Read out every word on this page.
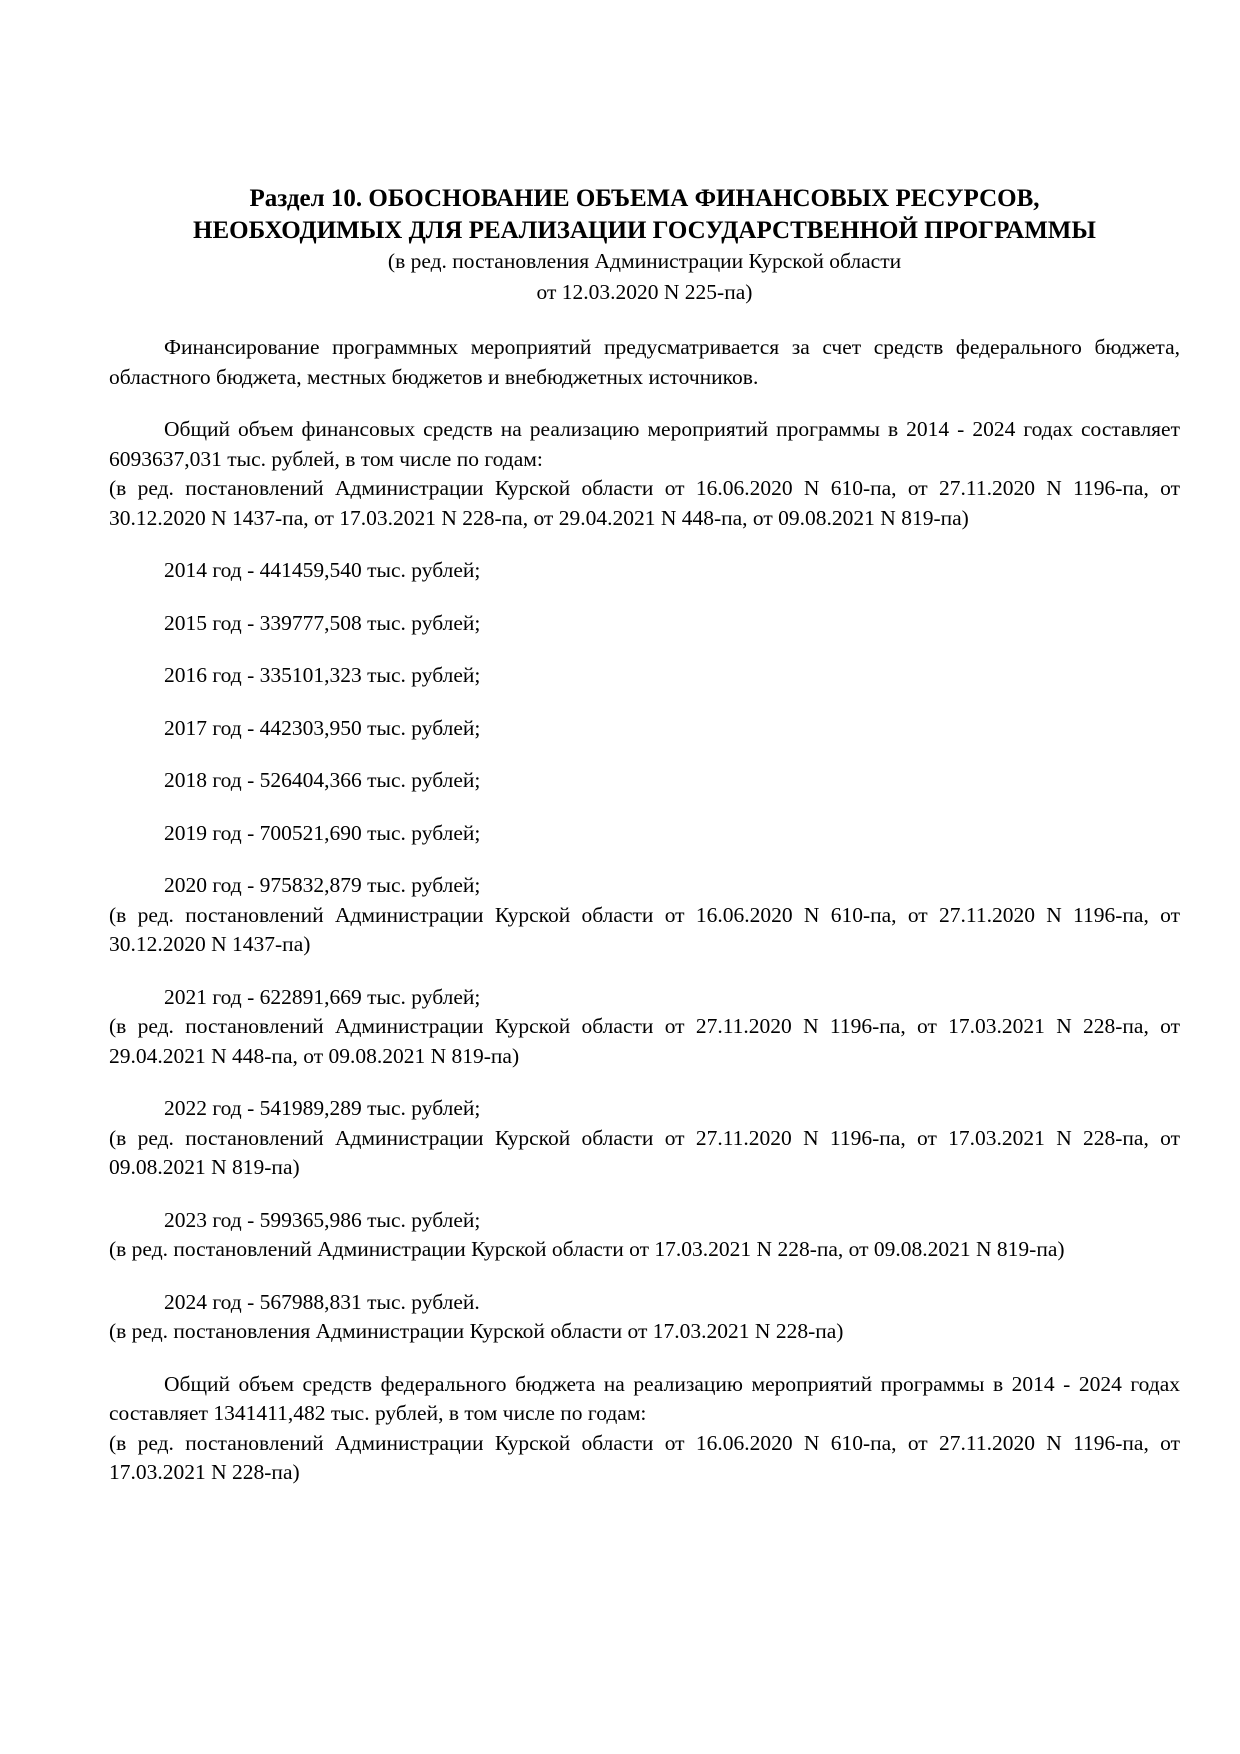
Раздел 10. ОБОСНОВАНИЕ ОБЪЕМА ФИНАНСОВЫХ РЕСУРСОВ, НЕОБХОДИМЫХ ДЛЯ РЕАЛИЗАЦИИ ГОСУДАРСТВЕННОЙ ПРОГРАММЫ
(в ред. постановления Администрации Курской области
от 12.03.2020 N 225-па)

Финансирование программных мероприятий предусматривается за счет средств федерального бюджета, областного бюджета, местных бюджетов и внебюджетных источников.

Общий объем финансовых средств на реализацию мероприятий программы в 2014 - 2024 годах составляет 6093637,031 тыс. рублей, в том числе по годам:

(в ред. постановлений Администрации Курской области от 16.06.2020 N 610-па, от 27.11.2020 N 1196-па, от 30.12.2020 N 1437-па, от 17.03.2021 N 228-па, от 29.04.2021 N 448-па, от 09.08.2021 N 819-па)

2014 год - 441459,540 тыс. рублей;

2015 год - 339777,508 тыс. рублей;

2016 год - 335101,323 тыс. рублей;

2017 год - 442303,950 тыс. рублей;

2018 год - 526404,366 тыс. рублей;

2019 год - 700521,690 тыс. рублей;

2020 год - 975832,879 тыс. рублей;

(в ред. постановлений Администрации Курской области от 16.06.2020 N 610-па, от 27.11.2020 N 1196-па, от 30.12.2020 N 1437-па)

2021 год - 622891,669 тыс. рублей;

(в ред. постановлений Администрации Курской области от 27.11.2020 N 1196-па, от 17.03.2021 N 228-па, от 29.04.2021 N 448-па, от 09.08.2021 N 819-па)

2022 год - 541989,289 тыс. рублей;

(в ред. постановлений Администрации Курской области от 27.11.2020 N 1196-па, от 17.03.2021 N 228-па, от 09.08.2021 N 819-па)

2023 год - 599365,986 тыс. рублей;

(в ред. постановлений Администрации Курской области от 17.03.2021 N 228-па, от 09.08.2021 N 819-па)

2024 год - 567988,831 тыс. рублей.

(в ред. постановления Администрации Курской области от 17.03.2021 N 228-па)

Общий объем средств федерального бюджета на реализацию мероприятий программы в 2014 - 2024 годах составляет 1341411,482 тыс. рублей, в том числе по годам:

(в ред. постановлений Администрации Курской области от 16.06.2020 N 610-па, от 27.11.2020 N 1196-па, от 17.03.2021 N 228-па)
